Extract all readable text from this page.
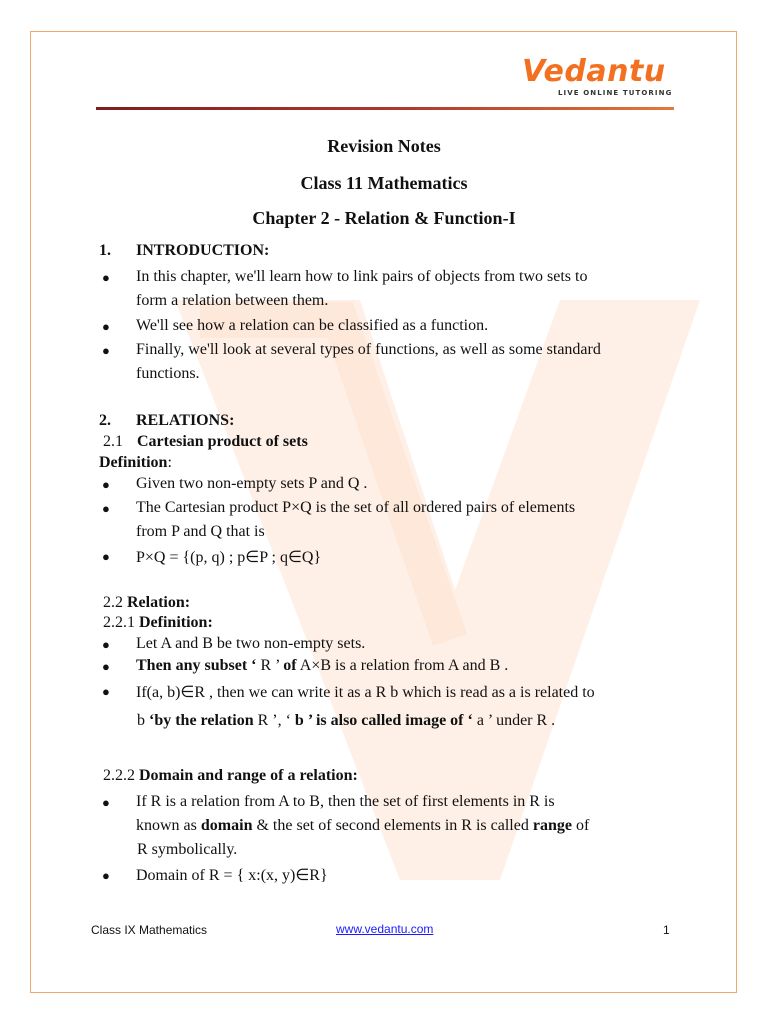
Vedantu
LIVE ONLINE TUTORING
Revision Notes
Class 11 Mathematics
Chapter 2 - Relation & Function-I
1. INTRODUCTION:
● In this chapter, we'll learn how to link pairs of objects from two sets to
form a relation between them.
● We'll see how a relation can be classified as a function.
● Finally, we'll look at several types of functions, as well as some standard
functions.
2. RELATIONS:
2.1 Cartesian product of sets
Definition:
● Given two non-empty sets P and Q .
● The Cartesian product P×Q is the set of all ordered pairs of elements
from P and Q that is
● P×Q = {(p, q) ; p∈P ; q∈Q}
2.2 Relation:
2.2.1 Definition:
● Let A and B be two non-empty sets.
● Then any subset ‘ R ’ of A×B is a relation from A and B .
● If(a, b)∈R , then we can write it as a R b which is read as a is related to
b ‘by the relation R ’, ‘ b ’ is also called image of ‘ a ’ under R .
2.2.2 Domain and range of a relation:
● If R is a relation from A to B, then the set of first elements in R is
known as domain & the set of second elements in R is called range of
R symbolically.
● Domain of R = { x:(x, y)∈R}
Class IX Mathematics	www.vedantu.com	1
